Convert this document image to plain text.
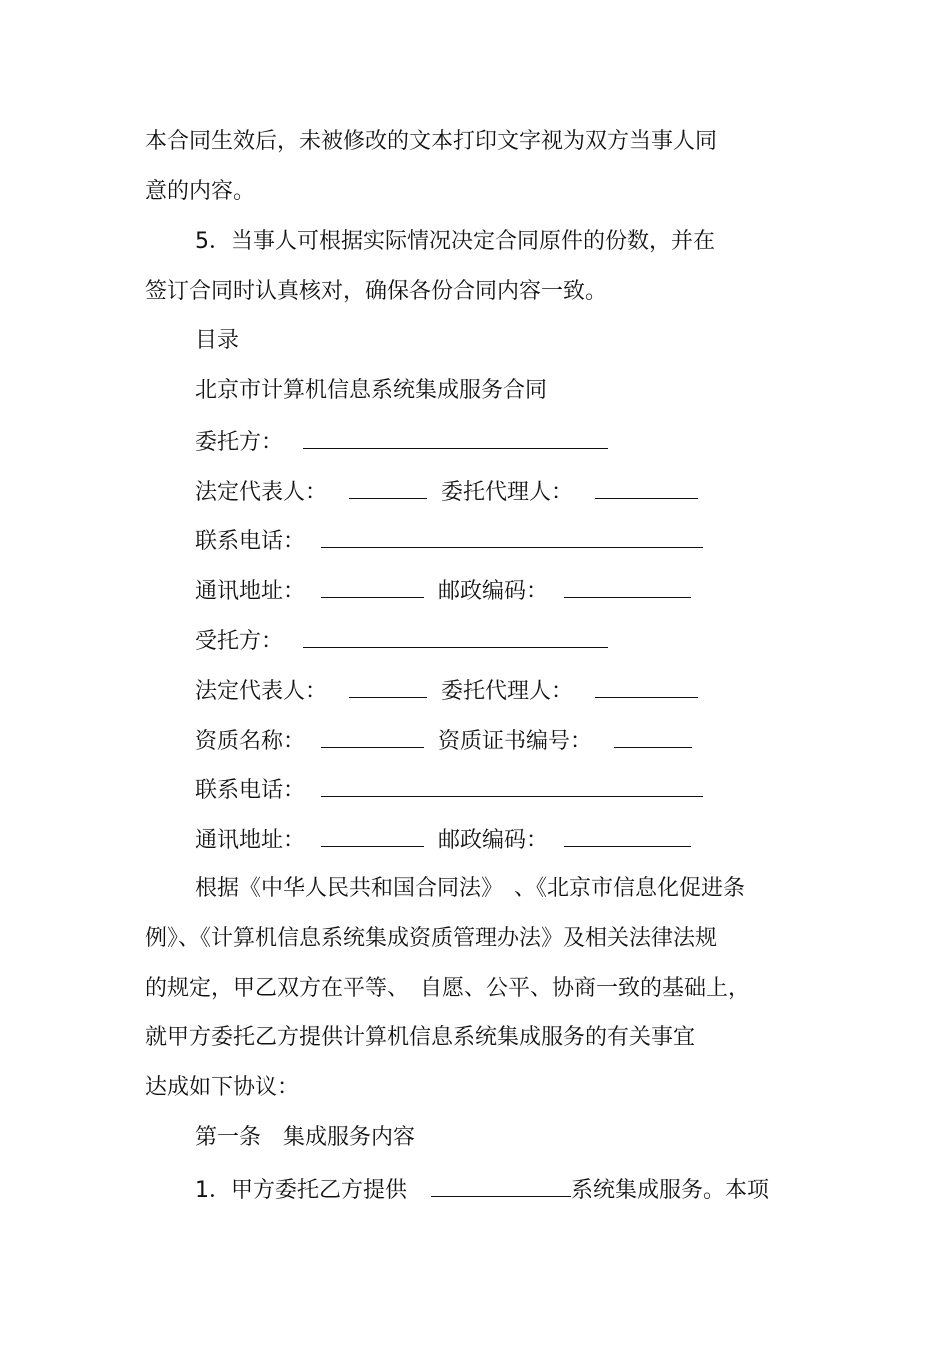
本合同生效后，未被修改的文本打印文字视为双方当事人同
意的内容。
5．当事人可根据实际情况决定合同原件的份数，并在
签订合同时认真核对，确保各份合同内容一致。
目录
北京市计算机信息系统集成服务合同
委托方：
法定代表人：	委托代理人：
联系电话：
通讯地址：	邮政编码：
受托方：
法定代表人：	委托代理人：
资质名称：	资质证书编号：
联系电话：
通讯地址：	邮政编码：
根据《中华人民共和国合同法》　、《北京市信息化促进条
例》、《计算机信息系统集成资质管理办法》及相关法律法规
的规定，甲乙双方在平等、　自愿、公平、协商一致的基础上，
就甲方委托乙方提供计算机信息系统集成服务的有关事宜
达成如下协议：
第一条　集成服务内容
1．甲方委托乙方提供	系统集成服务。本项
